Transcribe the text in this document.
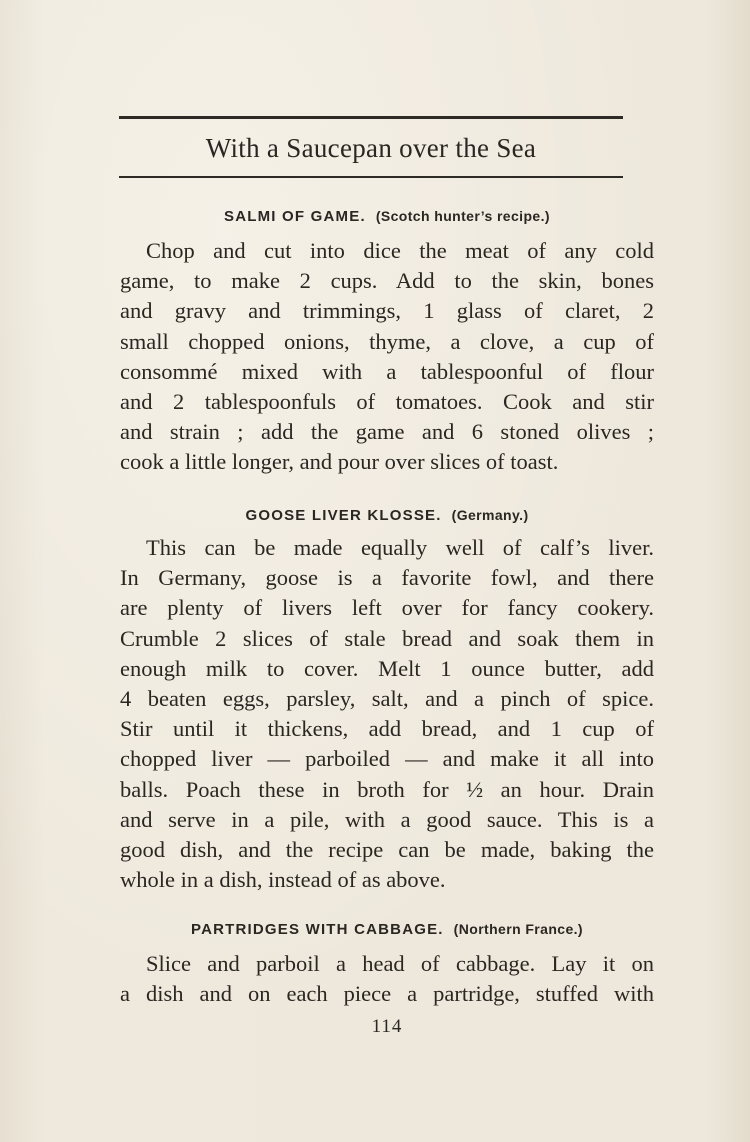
With a Saucepan over the Sea
SALMI OF GAME. (Scotch hunter’s recipe.)
Chop and cut into dice the meat of any cold
game, to make 2 cups. Add to the skin, bones
and gravy and trimmings, 1 glass of claret, 2
small chopped onions, thyme, a clove, a cup of
consommé mixed with a tablespoonful of flour
and 2 tablespoonfuls of tomatoes. Cook and stir
and strain ; add the game and 6 stoned olives ;
cook a little longer, and pour over slices of toast.
GOOSE LIVER KLOSSE. (Germany.)
This can be made equally well of calf’s liver.
In Germany, goose is a favorite fowl, and there
are plenty of livers left over for fancy cookery.
Crumble 2 slices of stale bread and soak them in
enough milk to cover. Melt 1 ounce butter, add
4 beaten eggs, parsley, salt, and a pinch of spice.
Stir until it thickens, add bread, and 1 cup of
chopped liver — parboiled — and make it all into
balls. Poach these in broth for ½ an hour. Drain
and serve in a pile, with a good sauce. This is a
good dish, and the recipe can be made, baking the
whole in a dish, instead of as above.
PARTRIDGES WITH CABBAGE. (Northern France.)
Slice and parboil a head of cabbage. Lay it on
a dish and on each piece a partridge, stuffed with
114
